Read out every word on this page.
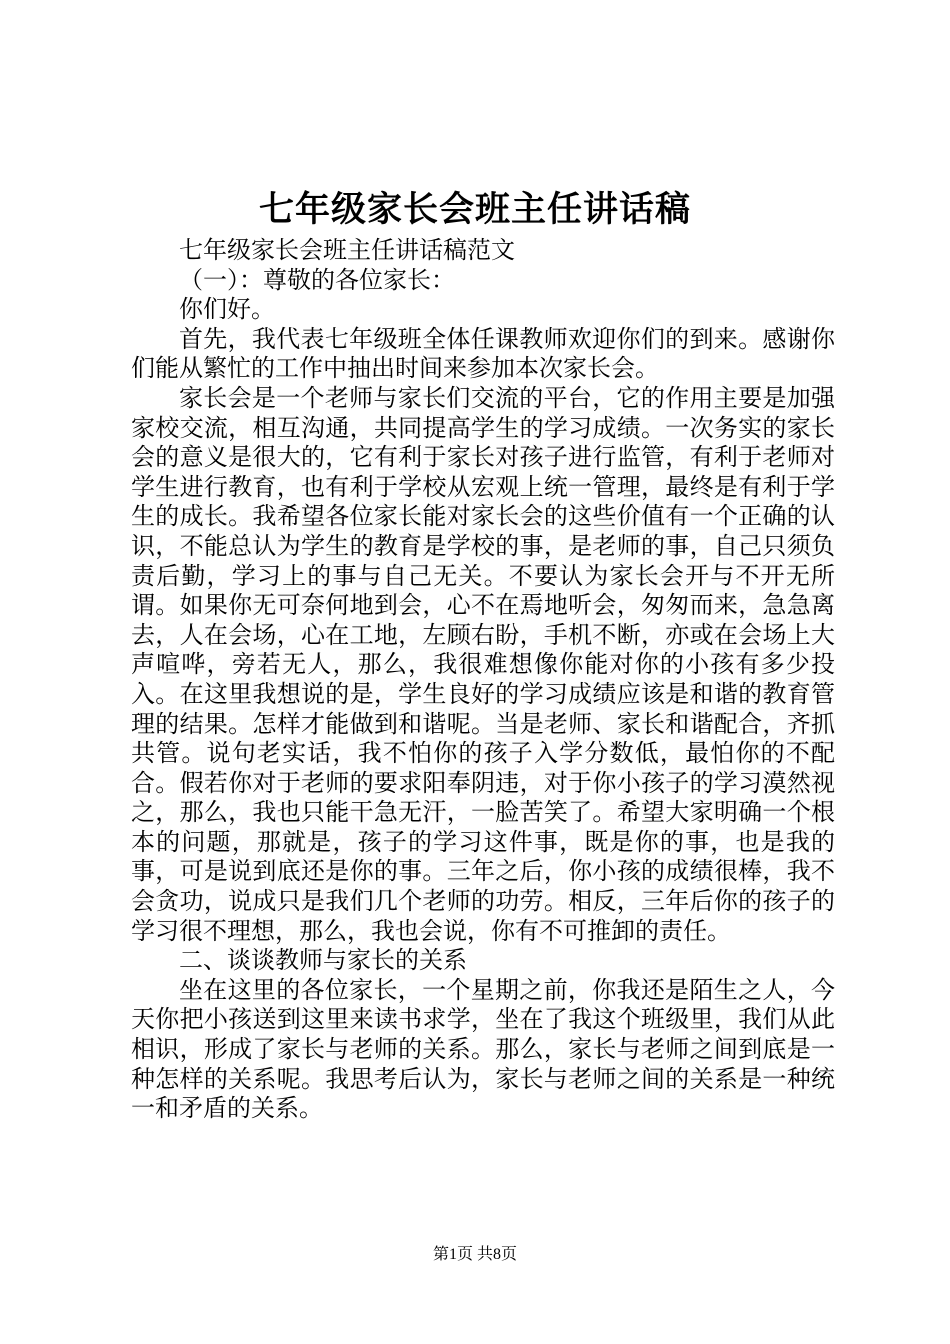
七年级家长会班主任讲话稿

七年级家长会班主任讲话稿范文

（一）：尊敬的各位家长：

你们好。

首先，我代表七年级班全体任课教师欢迎你们的到来。感谢你们能从繁忙的工作中抽出时间来参加本次家长会。

家长会是一个老师与家长们交流的平台，它的作用主要是加强家校交流，相互沟通，共同提高学生的学习成绩。一次务实的家长会的意义是很大的，它有利于家长对孩子进行监管，有利于老师对学生进行教育，也有利于学校从宏观上统一管理，最终是有利于学生的成长。我希望各位家长能对家长会的这些价值有一个正确的认识，不能总认为学生的教育是学校的事，是老师的事，自己只须负责后勤，学习上的事与自己无关。不要认为家长会开与不开无所谓。如果你无可奈何地到会，心不在焉地听会，匆匆而来，急急离去，人在会场，心在工地，左顾右盼，手机不断，亦或在会场上大声喧哗，旁若无人，那么，我很难想像你能对你的小孩有多少投入。在这里我想说的是，学生良好的学习成绩应该是和谐的教育管理的结果。怎样才能做到和谐呢。当是老师、家长和谐配合，齐抓共管。说句老实话，我不怕你的孩子入学分数低，最怕你的不配合。假若你对于老师的要求阳奉阴违，对于你小孩子的学习漠然视之，那么，我也只能干急无汗，一脸苦笑了。希望大家明确一个根本的问题，那就是，孩子的学习这件事，既是你的事，也是我的事，可是说到底还是你的事。三年之后，你小孩的成绩很棒，我不会贪功，说成只是我们几个老师的功劳。相反，三年后你的孩子的学习很不理想，那么，我也会说，你有不可推卸的责任。

二、谈谈教师与家长的关系

坐在这里的各位家长，一个星期之前，你我还是陌生之人，今天你把小孩送到这里来读书求学，坐在了我这个班级里，我们从此相识，形成了家长与老师的关系。那么，家长与老师之间到底是一种怎样的关系呢。我思考后认为，家长与老师之间的关系是一种统一和矛盾的关系。

第1页 共8页
